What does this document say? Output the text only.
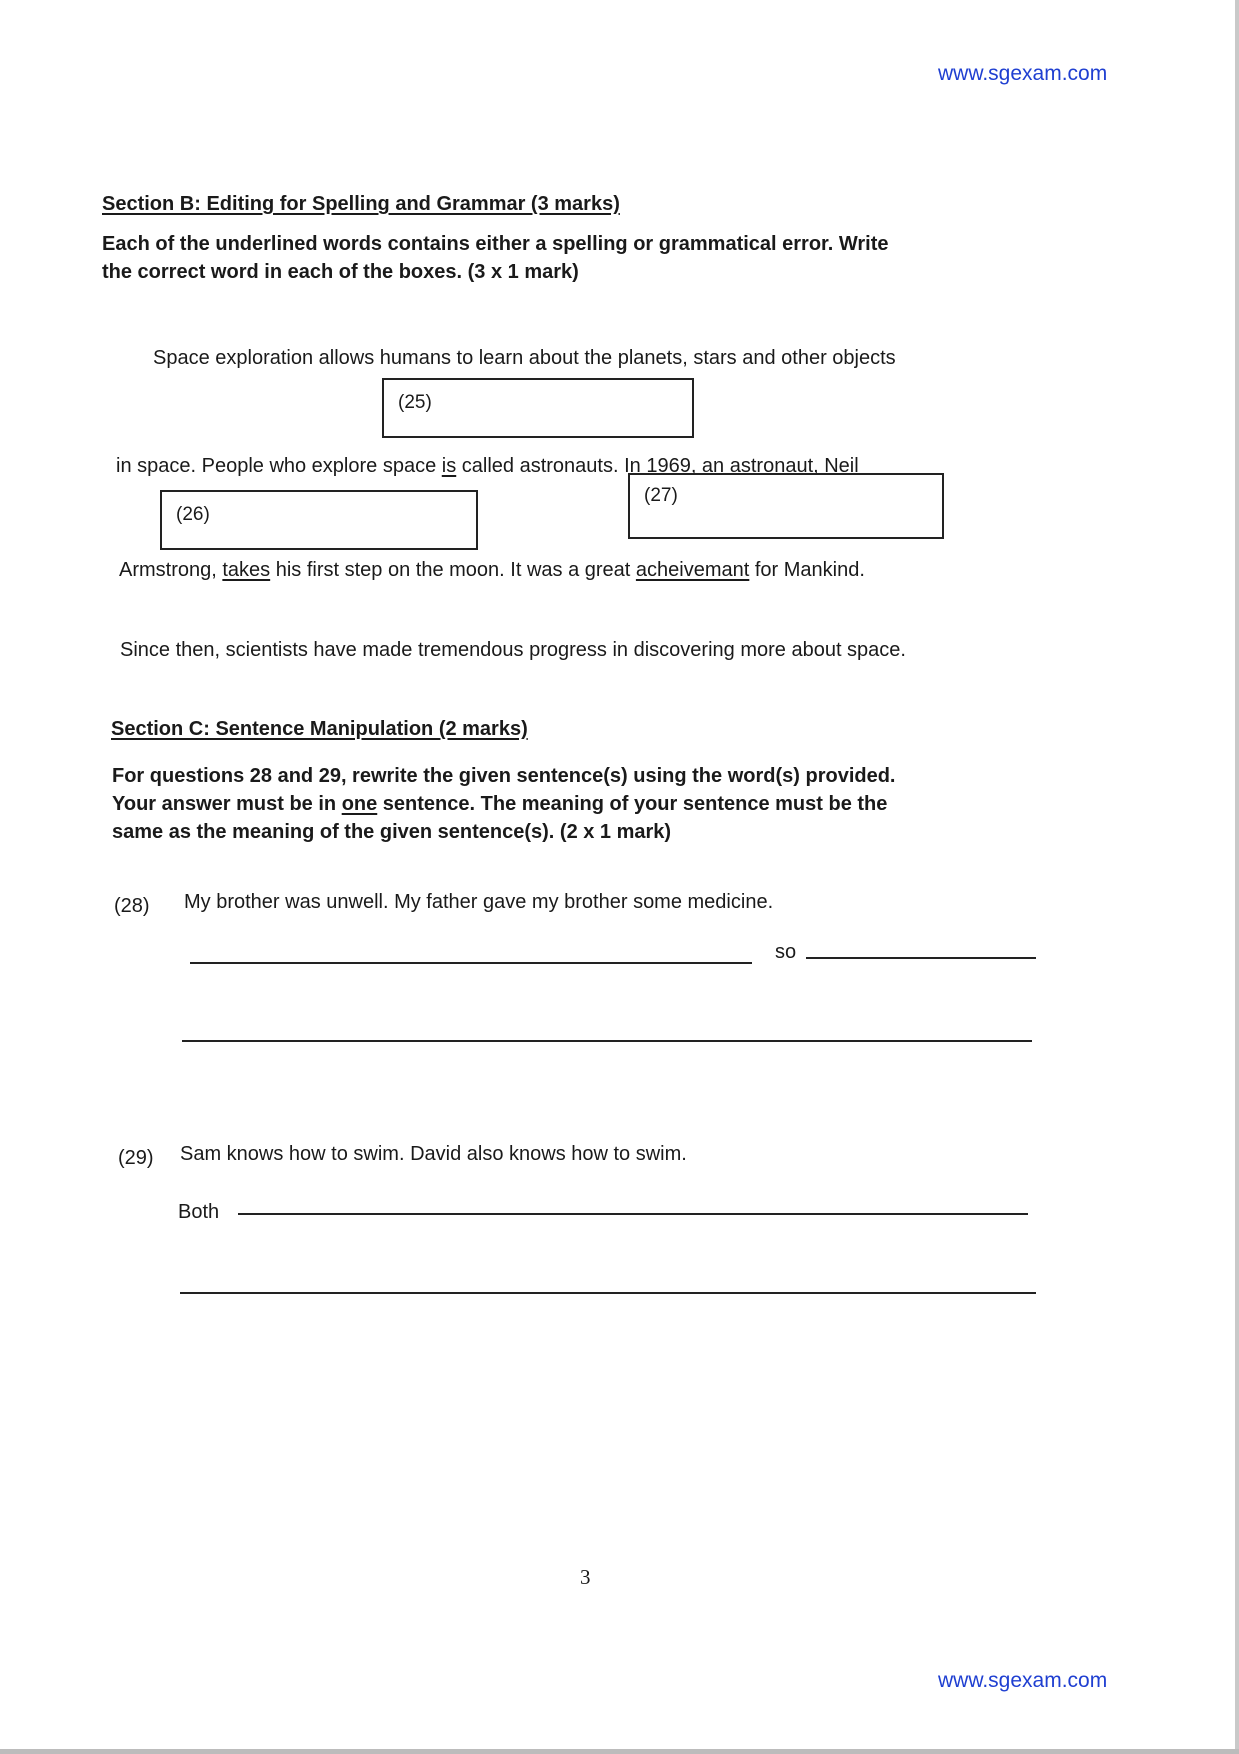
www.sgexam.com
Section B: Editing for Spelling and Grammar (3 marks)
Each of the underlined words contains either a spelling or grammatical error. Write
the correct word in each of the boxes. (3 x 1 mark)
Space exploration allows humans to learn about the planets, stars and other objects
(25)
in space. People who explore space is called astronauts. In 1969, an astronaut, Neil
(26)
(27)
Armstrong, takes his first step on the moon. It was a great acheivemant for Mankind.
Since then, scientists have made tremendous progress in discovering more about space.
Section C: Sentence Manipulation (2 marks)
For questions 28 and 29, rewrite the given sentence(s) using the word(s) provided.
Your answer must be in one sentence. The meaning of your sentence must be the
same as the meaning of the given sentence(s). (2 x 1 mark)
(28) My brother was unwell. My father gave my brother some medicine.
so
(29) Sam knows how to swim. David also knows how to swim.
Both
3
www.sgexam.com
